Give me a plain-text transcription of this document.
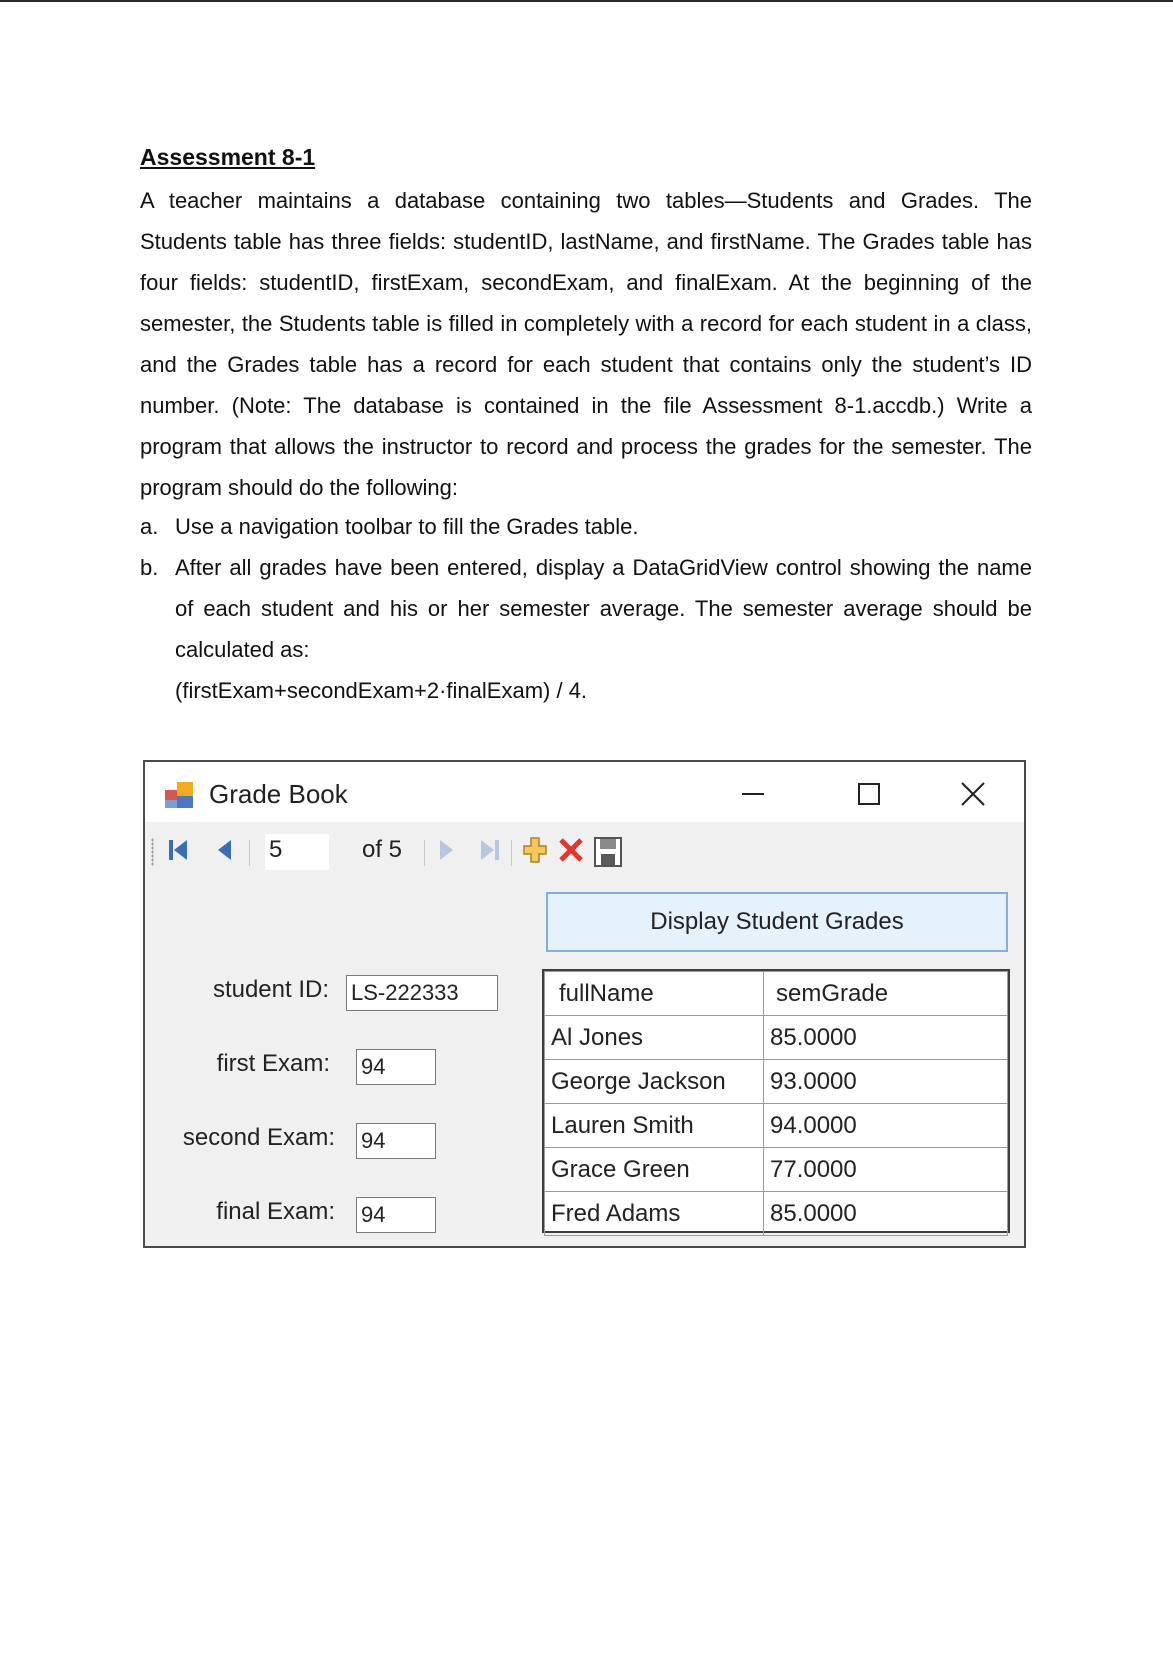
Assessment 8-1

A teacher maintains a database containing two tables—Students and Grades. The Students table has three fields: studentID, lastName, and firstName. The Grades table has four fields: studentID, firstExam, secondExam, and finalExam. At the beginning of the semester, the Students table is filled in completely with a record for each student in a class, and the Grades table has a record for each student that contains only the student’s ID number. (Note: The database is contained in the file Assessment 8-1.accdb.) Write a program that allows the instructor to record and process the grades for the semester. The program should do the following:

a. Use a navigation toolbar to fill the Grades table.
b. After all grades have been entered, display a DataGridView control showing the name of each student and his or her semester average. The semester average should be calculated as:
(firstExam+secondExam+2·finalExam) / 4.
Grade Book
5	of 5
Display Student Grades
student ID: LS-222333
first Exam: 94
second Exam: 94
final Exam: 94
fullName	semGrade
Al Jones	85.0000
George Jackson	93.0000
Lauren Smith	94.0000
Grace Green	77.0000
Fred Adams	85.0000
